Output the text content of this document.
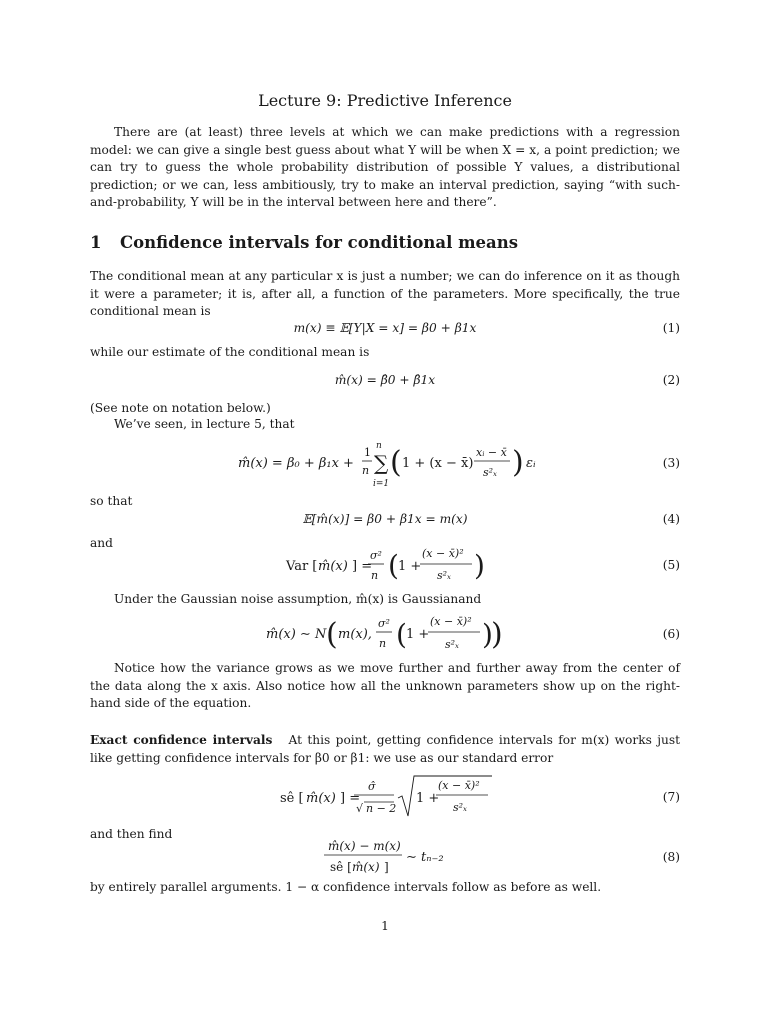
Lecture 9: Predictive Inference
There are (at least) three levels at which we can make predictions with a regression model: we can give a single best guess about what Y will be when X = x, a point prediction; we can try to guess the whole probability distribution of possible Y values, a distributional prediction; or we can, less ambitiously, try to make an interval prediction, saying “with such-and-probability, Y will be in the interval between here and there”.
1 Confidence intervals for conditional means
The conditional mean at any particular x is just a number; we can do inference on it as though it were a parameter; it is, after all, a function of the parameters. More specifically, the true conditional mean is
m(x) ≡ 𝔼[Y|X = x] = β0 + β1x	(1)
while our estimate of the conditional mean is
m̂(x) = β̂0 + β̂1x	(2)
(See note on notation below.)
We’ve seen, in lecture 5, that
m̂(x) = β₀ + β₁x +
1
n
n
∑
i=1
( 1 + (x − x̄)
xᵢ − x̄
s²ₓ ) εᵢ	(3)
so that
𝔼[m̂(x)] = β0 + β1x = m(x)	(4)
and
Var [ m̂(x) ] =
σ²
n ( 1 +
(x − x̄)²
s²ₓ )	(5)
Under the Gaussian noise assumption, m̂(x) is Gaussianand
m̂(x) ∼ N ( m(x),
σ²
n ( 1 +
(x − x̄)²
s²ₓ )
)	(6)
Notice how the variance grows as we move further and further away from the center of the data along the x axis. Also notice how all the unknown parameters show up on the right-hand side of the equation.
Exact confidence intervals At this point, getting confidence intervals for m(x) works just like getting confidence intervals for β0 or β1: we use as our standard error
sê [ m̂(x) ] =
σ̂
√ n − 2
1 +
(x − x̄)²
s²ₓ
(7)
and then find
m̂(x) − m(x)
sê [ m̂(x) ]
∼ tₙ₋₂	(8)
by entirely parallel arguments. 1 − α confidence intervals follow as before as well.
1
